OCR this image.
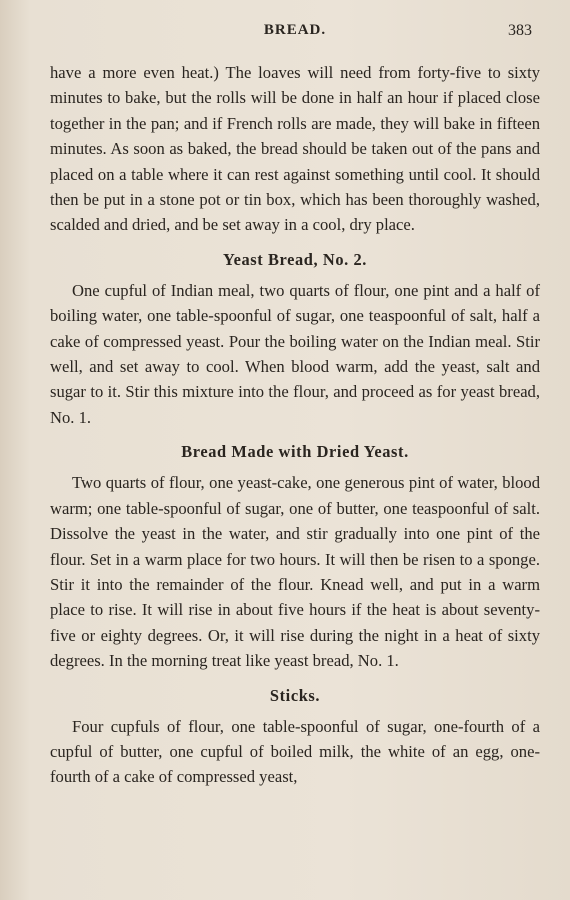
BREAD.	383

have a more even heat.) The loaves will need from forty-five to sixty minutes to bake, but the rolls will be done in half an hour if placed close together in the pan; and if French rolls are made, they will bake in fifteen minutes. As soon as baked, the bread should be taken out of the pans and placed on a table where it can rest against something until cool. It should then be put in a stone pot or tin box, which has been thoroughly washed, scalded and dried, and be set away in a cool, dry place.

Yeast Bread, No. 2.

One cupful of Indian meal, two quarts of flour, one pint and a half of boiling water, one table-spoonful of sugar, one teaspoonful of salt, half a cake of compressed yeast. Pour the boiling water on the Indian meal. Stir well, and set away to cool. When blood warm, add the yeast, salt and sugar to it. Stir this mixture into the flour, and proceed as for yeast bread, No. 1.

Bread Made with Dried Yeast.

Two quarts of flour, one yeast-cake, one generous pint of water, blood warm; one table-spoonful of sugar, one of butter, one teaspoonful of salt. Dissolve the yeast in the water, and stir gradually into one pint of the flour. Set in a warm place for two hours. It will then be risen to a sponge. Stir it into the remainder of the flour. Knead well, and put in a warm place to rise. It will rise in about five hours if the heat is about seventy-five or eighty degrees. Or, it will rise during the night in a heat of sixty degrees. In the morning treat like yeast bread, No. 1.

Sticks.

Four cupfuls of flour, one table-spoonful of sugar, one-fourth of a cupful of butter, one cupful of boiled milk, the white of an egg, one-fourth of a cake of compressed yeast,
